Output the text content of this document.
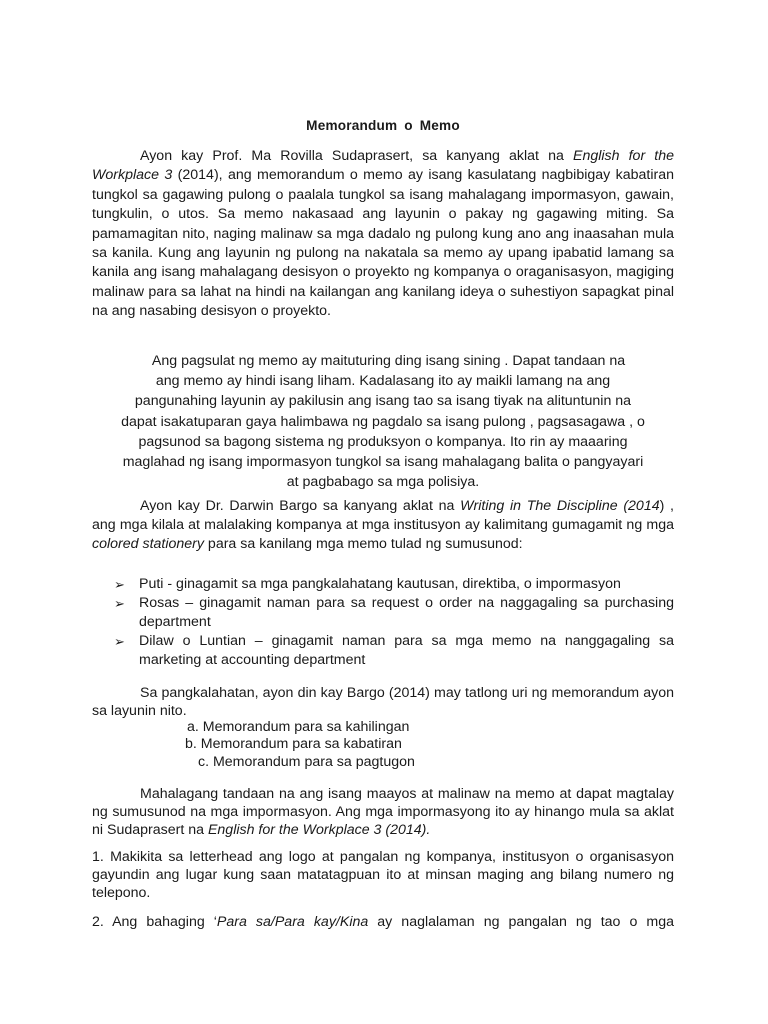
Memorandum o Memo

Ayon kay Prof. Ma Rovilla Sudaprasert, sa kanyang aklat na English for the Workplace 3 (2014), ang memorandum o memo ay isang kasulatang nagbibigay kabatiran tungkol sa gagawing pulong o paalala tungkol sa isang mahalagang impormasyon, gawain, tungkulin, o utos. Sa memo nakasaad ang layunin o pakay ng gagawing miting. Sa pamamagitan nito, naging malinaw sa mga dadalo ng pulong kung ano ang inaasahan mula sa kanila. Kung ang layunin ng pulong na nakatala sa memo ay upang ipabatid lamang sa kanila ang isang mahalagang desisyon o proyekto ng kompanya o oraganisasyon, magiging malinaw para sa lahat na hindi na kailangan ang kanilang ideya o suhestiyon sapagkat pinal na ang nasabing desisyon o proyekto.

Ang pagsulat ng memo ay maituturing ding isang sining . Dapat tandaan na
ang memo ay hindi isang liham. Kadalasang ito ay maikli lamang na ang
pangunahing layunin ay pakilusin ang isang tao sa isang tiyak na alituntunin na
dapat isakatuparan gaya halimbawa ng pagdalo sa isang pulong , pagsasagawa , o
pagsunod sa bagong sistema ng produksyon o kompanya. Ito rin ay maaaring
maglahad ng isang impormasyon tungkol sa isang mahalagang balita o pangyayari
at pagbabago sa mga polisiya.

Ayon kay Dr. Darwin Bargo sa kanyang aklat na Writing in The Discipline (2014) , ang mga kilala at malalaking kompanya at mga institusyon ay kalimitang gumagamit ng mga colored stationery para sa kanilang mga memo tulad ng sumusunod:

➢ Puti - ginagamit sa mga pangkalahatang kautusan, direktiba, o impormasyon
➢ Rosas – ginagamit naman para sa request o order na naggagaling sa purchasing department
➢ Dilaw o Luntian – ginagamit naman para sa mga memo na nanggagaling sa marketing at accounting department

Sa pangkalahatan, ayon din kay Bargo (2014) may tatlong uri ng memorandum ayon sa layunin nito.

a. Memorandum para sa kahilingan
b. Memorandum para sa kabatiran
c. Memorandum para sa pagtugon

Mahalagang tandaan na ang isang maayos at malinaw na memo at dapat magtalay ng sumusunod na mga impormasyon. Ang mga impormasyong ito ay hinango mula sa aklat ni Sudaprasert na English for the Workplace 3 (2014).

1. Makikita sa letterhead ang logo at pangalan ng kompanya, institusyon o organisasyon gayundin ang lugar kung saan matatagpuan ito at minsan maging ang bilang numero ng telepono.

2. Ang bahaging ‘Para sa/Para kay/Kina ay naglalaman ng pangalan ng tao o mga
